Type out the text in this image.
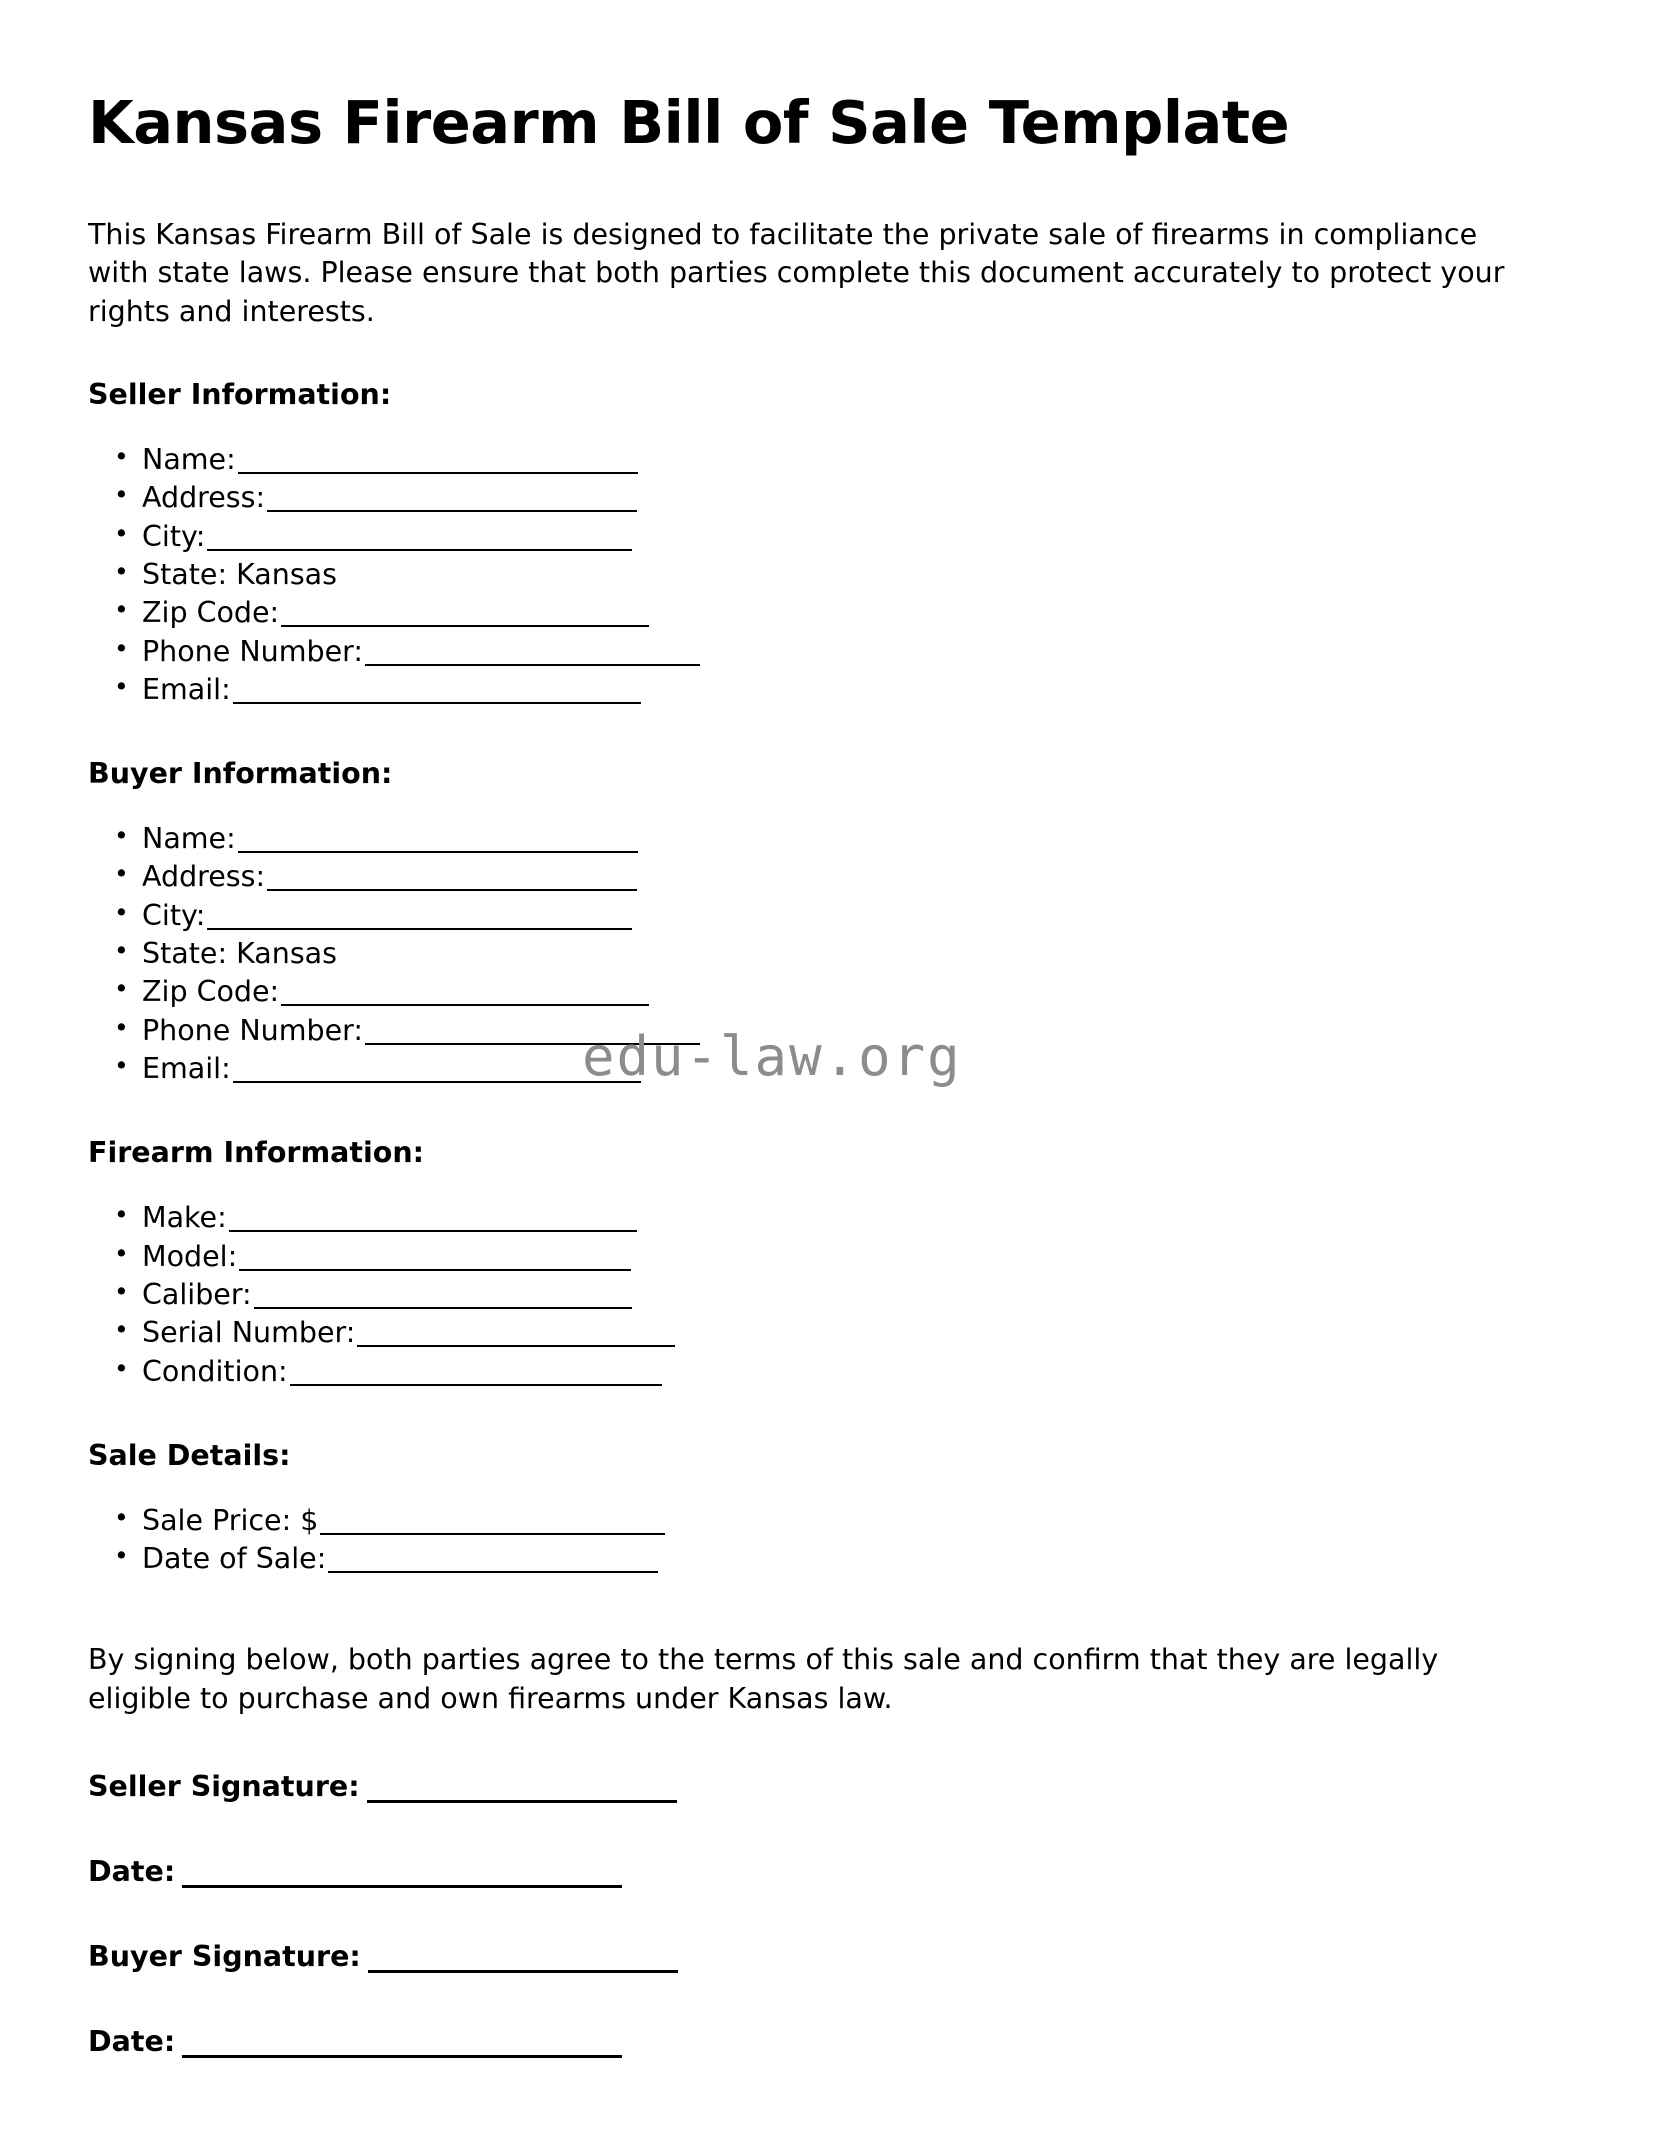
Kansas Firearm Bill of Sale Template

This Kansas Firearm Bill of Sale is designed to facilitate the private sale of firearms in compliance with state laws. Please ensure that both parties complete this document accurately to protect your rights and interests.

Seller Information:
• Name:
• Address:
• City:
• State: Kansas
• Zip Code:
• Phone Number:
• Email:
Buyer Information:
• Name:
• Address:
• City:
• State: Kansas
• Zip Code:
• Phone Number:
• Email:
Firearm Information:
• Make:
• Model:
• Caliber:
• Serial Number:
• Condition:
Sale Details:
• Sale Price: $
• Date of Sale:

By signing below, both parties agree to the terms of this sale and confirm that they are legally eligible to purchase and own firearms under Kansas law.

Seller Signature:
Date:
Buyer Signature:
Date:
edu-law.org
